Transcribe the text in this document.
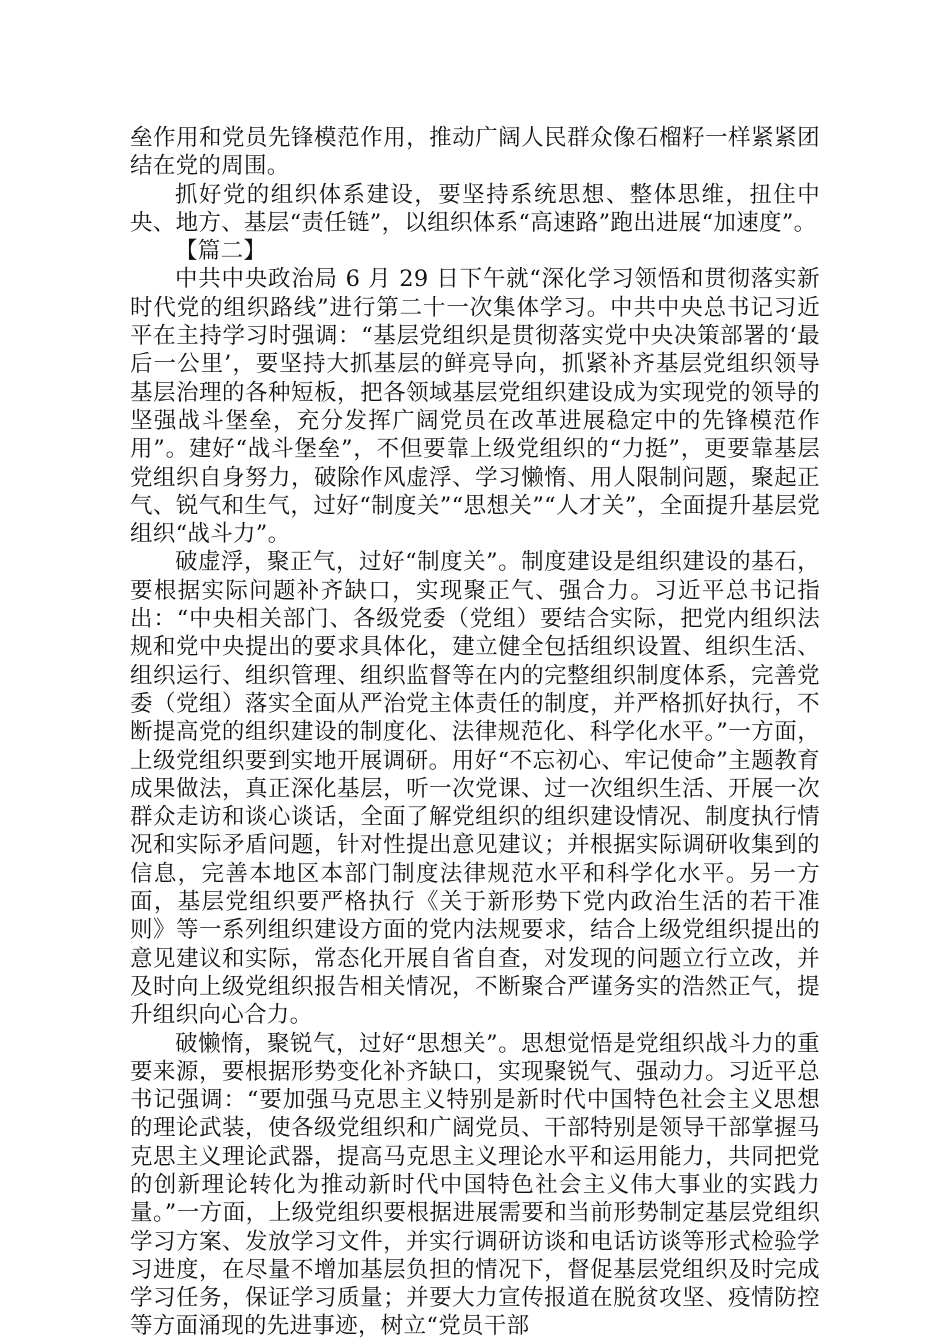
垒作用和党员先锋模范作用，推动广阔人民群众像石榴籽一样紧紧团结在党的周围。

抓好党的组织体系建设，要坚持系统思想、整体思维，扭住中央、地方、基层“责任链”，以组织体系“高速路”跑出进展“加速度”。

【篇二】

中共中央政治局 6 月 29 日下午就“深化学习领悟和贯彻落实新时代党的组织路线”进行第二十一次集体学习。中共中央总书记习近平在主持学习时强调：“基层党组织是贯彻落实党中央决策部署的‘最后一公里’，要坚持大抓基层的鲜亮导向，抓紧补齐基层党组织领导基层治理的各种短板，把各领域基层党组织建设成为实现党的领导的坚强战斗堡垒，充分发挥广阔党员在改革进展稳定中的先锋模范作用”。建好“战斗堡垒”，不但要靠上级党组织的“力挺”，更要靠基层党组织自身努力，破除作风虚浮、学习懒惰、用人限制问题，聚起正气、锐气和生气，过好“制度关”“思想关”“人才关”，全面提升基层党组织“战斗力”。

破虚浮，聚正气，过好“制度关”。制度建设是组织建设的基石，要根据实际问题补齐缺口，实现聚正气、强合力。习近平总书记指出：“中央相关部门、各级党委（党组）要结合实际，把党内组织法规和党中央提出的要求具体化，建立健全包括组织设置、组织生活、组织运行、组织管理、组织监督等在内的完整组织制度体系，完善党委（党组）落实全面从严治党主体责任的制度，并严格抓好执行，不断提高党的组织建设的制度化、法律规范化、科学化水平。”一方面，上级党组织要到实地开展调研。用好“不忘初心、牢记使命”主题教育成果做法，真正深化基层，听一次党课、过一次组织生活、开展一次群众走访和谈心谈话，全面了解党组织的组织建设情况、制度执行情况和实际矛盾问题，针对性提出意见建议；并根据实际调研收集到的信息，完善本地区本部门制度法律规范水平和科学化水平。另一方面，基层党组织要严格执行《关于新形势下党内政治生活的若干准则》等一系列组织建设方面的党内法规要求，结合上级党组织提出的意见建议和实际，常态化开展自省自查，对发现的问题立行立改，并及时向上级党组织报告相关情况，不断聚合严谨务实的浩然正气，提升组织向心合力。

破懒惰，聚锐气，过好“思想关”。思想觉悟是党组织战斗力的重要来源，要根据形势变化补齐缺口，实现聚锐气、强动力。习近平总书记强调：“要加强马克思主义特别是新时代中国特色社会主义思想的理论武装，使各级党组织和广阔党员、干部特别是领导干部掌握马克思主义理论武器，提高马克思主义理论水平和运用能力，共同把党的创新理论转化为推动新时代中国特色社会主义伟大事业的实践力量。”一方面，上级党组织要根据进展需要和当前形势制定基层党组织学习方案、发放学习文件，并实行调研访谈和电话访谈等形式检验学习进度，在尽量不增加基层负担的情况下，督促基层党组织及时完成学习任务，保证学习质量；并要大力宣传报道在脱贫攻坚、疫情防控等方面涌现的先进事迹，树立“党员干部
